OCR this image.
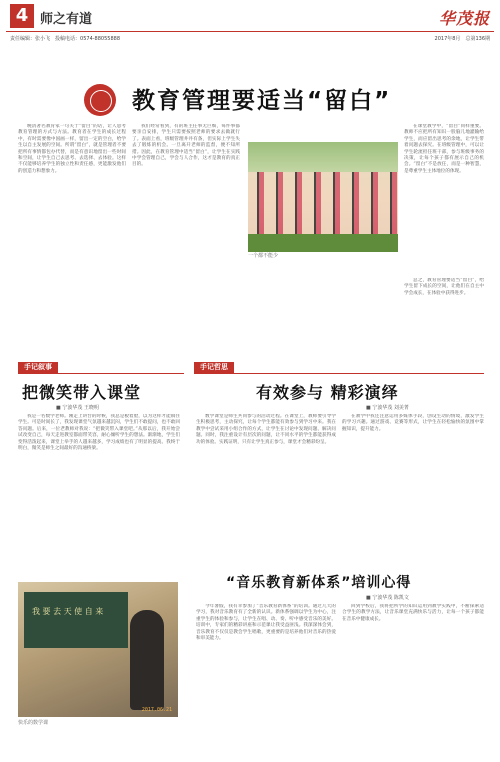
4 师之有道	华茂报
责任编辑：张小飞　 投稿电话：0574-88055888	2017年8月　 总第136期
教育管理要适当“留白”

晚清著名教育家一句关于“留白”的话，让人思考教育管理的方式与方法。教育者在学生的成长过程中，有时需要像中国画一样，留出一定的空白，给学生以自主发展的空间。所谓“留白”，就是管理者不要把所有事情都包办代替，而是有意识地留出一些时间和空间，让学生自己去思考、去选择、去体验。这样不仅能够培养学生的独立性和责任感，更能激发他们的创造力和想象力。

我们经常看到，有的班主任事无巨细，每件事都要亲自安排，学生只需要按照老师的要求去做就行了。表面上看，班级管理井井有条，但实际上学生失去了锻炼的机会。一旦离开老师的监督，便不知所措。因此，在教育管理中适当“留白”，让学生在实践中学会管理自己，学会与人合作，这才是教育的真正目的。

一个都不能少

在课堂教学中，“留白”同样重要。教师不应把所有知识一股脑儿地灌输给学生，而应留出思考的余地，让学生带着问题去探究。在班级管理中，可以让学生轮流担任班干部，参与班级事务的决策，让每个孩子都有展示自己的机会。“留白”不是放任，而是一种智慧，是尊重学生主体地位的体现。

总之，教育管理要适当“留白”，给学生留下成长的空间，让他们在自主中学会成长，在体验中获得进步。

手记叙事
把微笑带入课堂
■ 宁波华茂 王晓明

我是一名数学老师。刚走上讲台的时候，我总是板着脸，以为这样才能镇住学生。可是时间长了，我发现课堂气氛越来越沉闷，学生们不敢提问，也不敢回答问题。后来，一位老教师对我说：“把微笑带入课堂吧。”从那以后，我开始尝试改变自己，每天走进教室都面带笑容，耐心倾听学生的想法。渐渐地，学生们变得活泼起来，课堂上举手的人越来越多，学习成绩也有了明显的提高。我终于明白，微笑是师生之间最好的沟通桥梁。

我 要 去 天 使 自 来
2017.06.21
快乐的数学课
手记哲思
有效参与 精彩演绎
■ 宁波华茂 刘美菁

数学课堂是师生共同参与的活动过程。在课堂上，教师要引导学生积极思考，主动探究，让每个学生都能有效参与到学习中来。我在教学中尝试采用小组合作的方式，让学生在讨论中发现问题、解决问题。同时，我注重设计有层次的问题，让不同水平的学生都能获得成功的体验。实践证明，只有让学生真正参与，课堂才会精彩纷呈。

在教学中我还注意运用多媒体手段，创设生动的情境，激发学生的学习兴趣。通过游戏、竞赛等形式，让学生在轻松愉快的氛围中掌握知识，提升能力。

“音乐教育新体系”培训心得
■ 宁波华茂 陈凯文

今年暑假，我有幸参加了“音乐教育新体系”的培训。通过几天的学习，我对音乐教育有了全新的认识。新体系强调以学生为中心，注重学生的体验和参与，让学生在唱、动、奏、听中感受音乐的美好。培训中，专家们的精彩讲座和示范课让我受益匪浅。我深深体会到，音乐教育不仅仅是教会学生唱歌，更重要的是培养他们对音乐的热爱和审美能力。

回到学校后，我将把所学的知识运用到教学实践中，不断探索适合学生的教学方法，让音乐课堂充满快乐与活力，让每一个孩子都能在音乐中健康成长。
